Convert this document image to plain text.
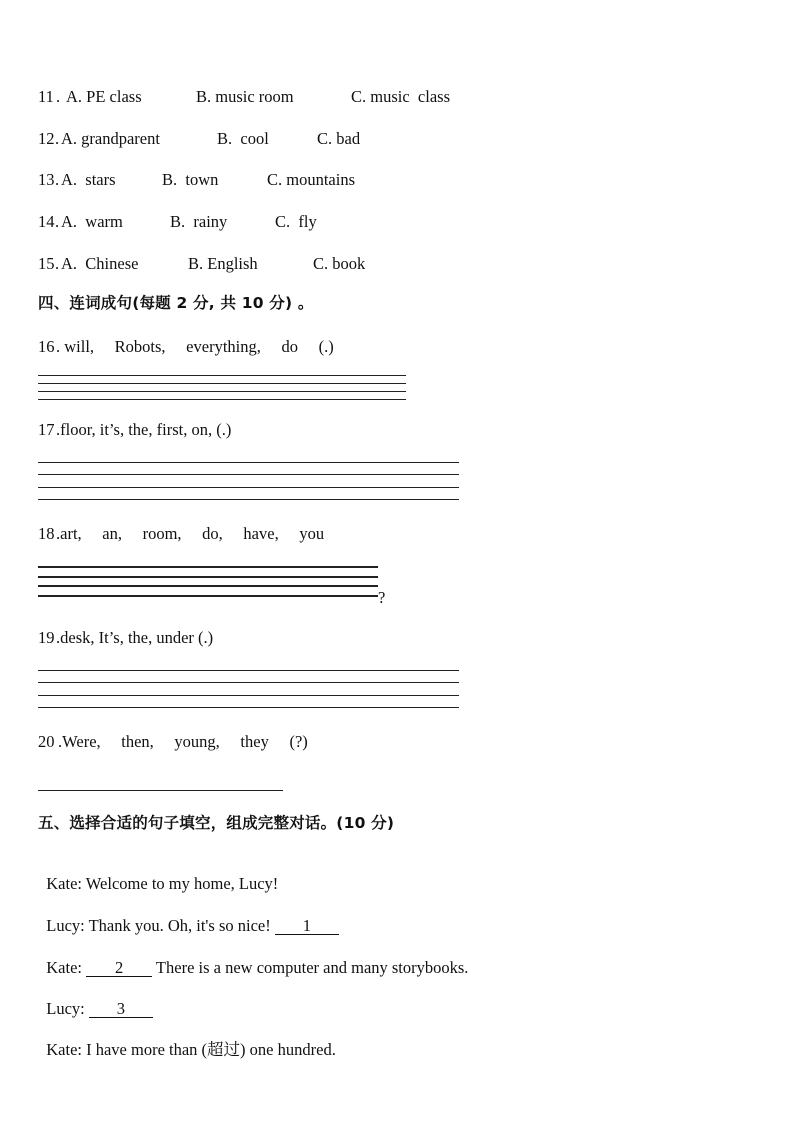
11 . A. PE class	B. music room	C. music  class
12 . A. grandparent	B.  cool	C. bad
13 . A.  stars	B.  town	C. mountains
14 . A.  warm	B.  rainy	C.  fly
15 . A.  Chinese	B. English	C. book
四、连词成句(每题 2 分, 共 10 分) 。
16 . will,     Robots,     everything,     do     (.)
17 .floor, it’s, the, first, on, (.)
18 .art,     an,     room,     do,     have,     you
?
19 .desk, It’s, the, under (.)
20 .Were,     then,     young,     they     (?)
五、选择合适的句子填空，组成完整对话。(10 分)

Kate: Welcome to my home, Lucy!

Lucy: Thank you. Oh, it's so nice! 1

Kate: 2 There is a new computer and many storybooks.

Lucy: 3

Kate: I have more than (超过) one hundred.
